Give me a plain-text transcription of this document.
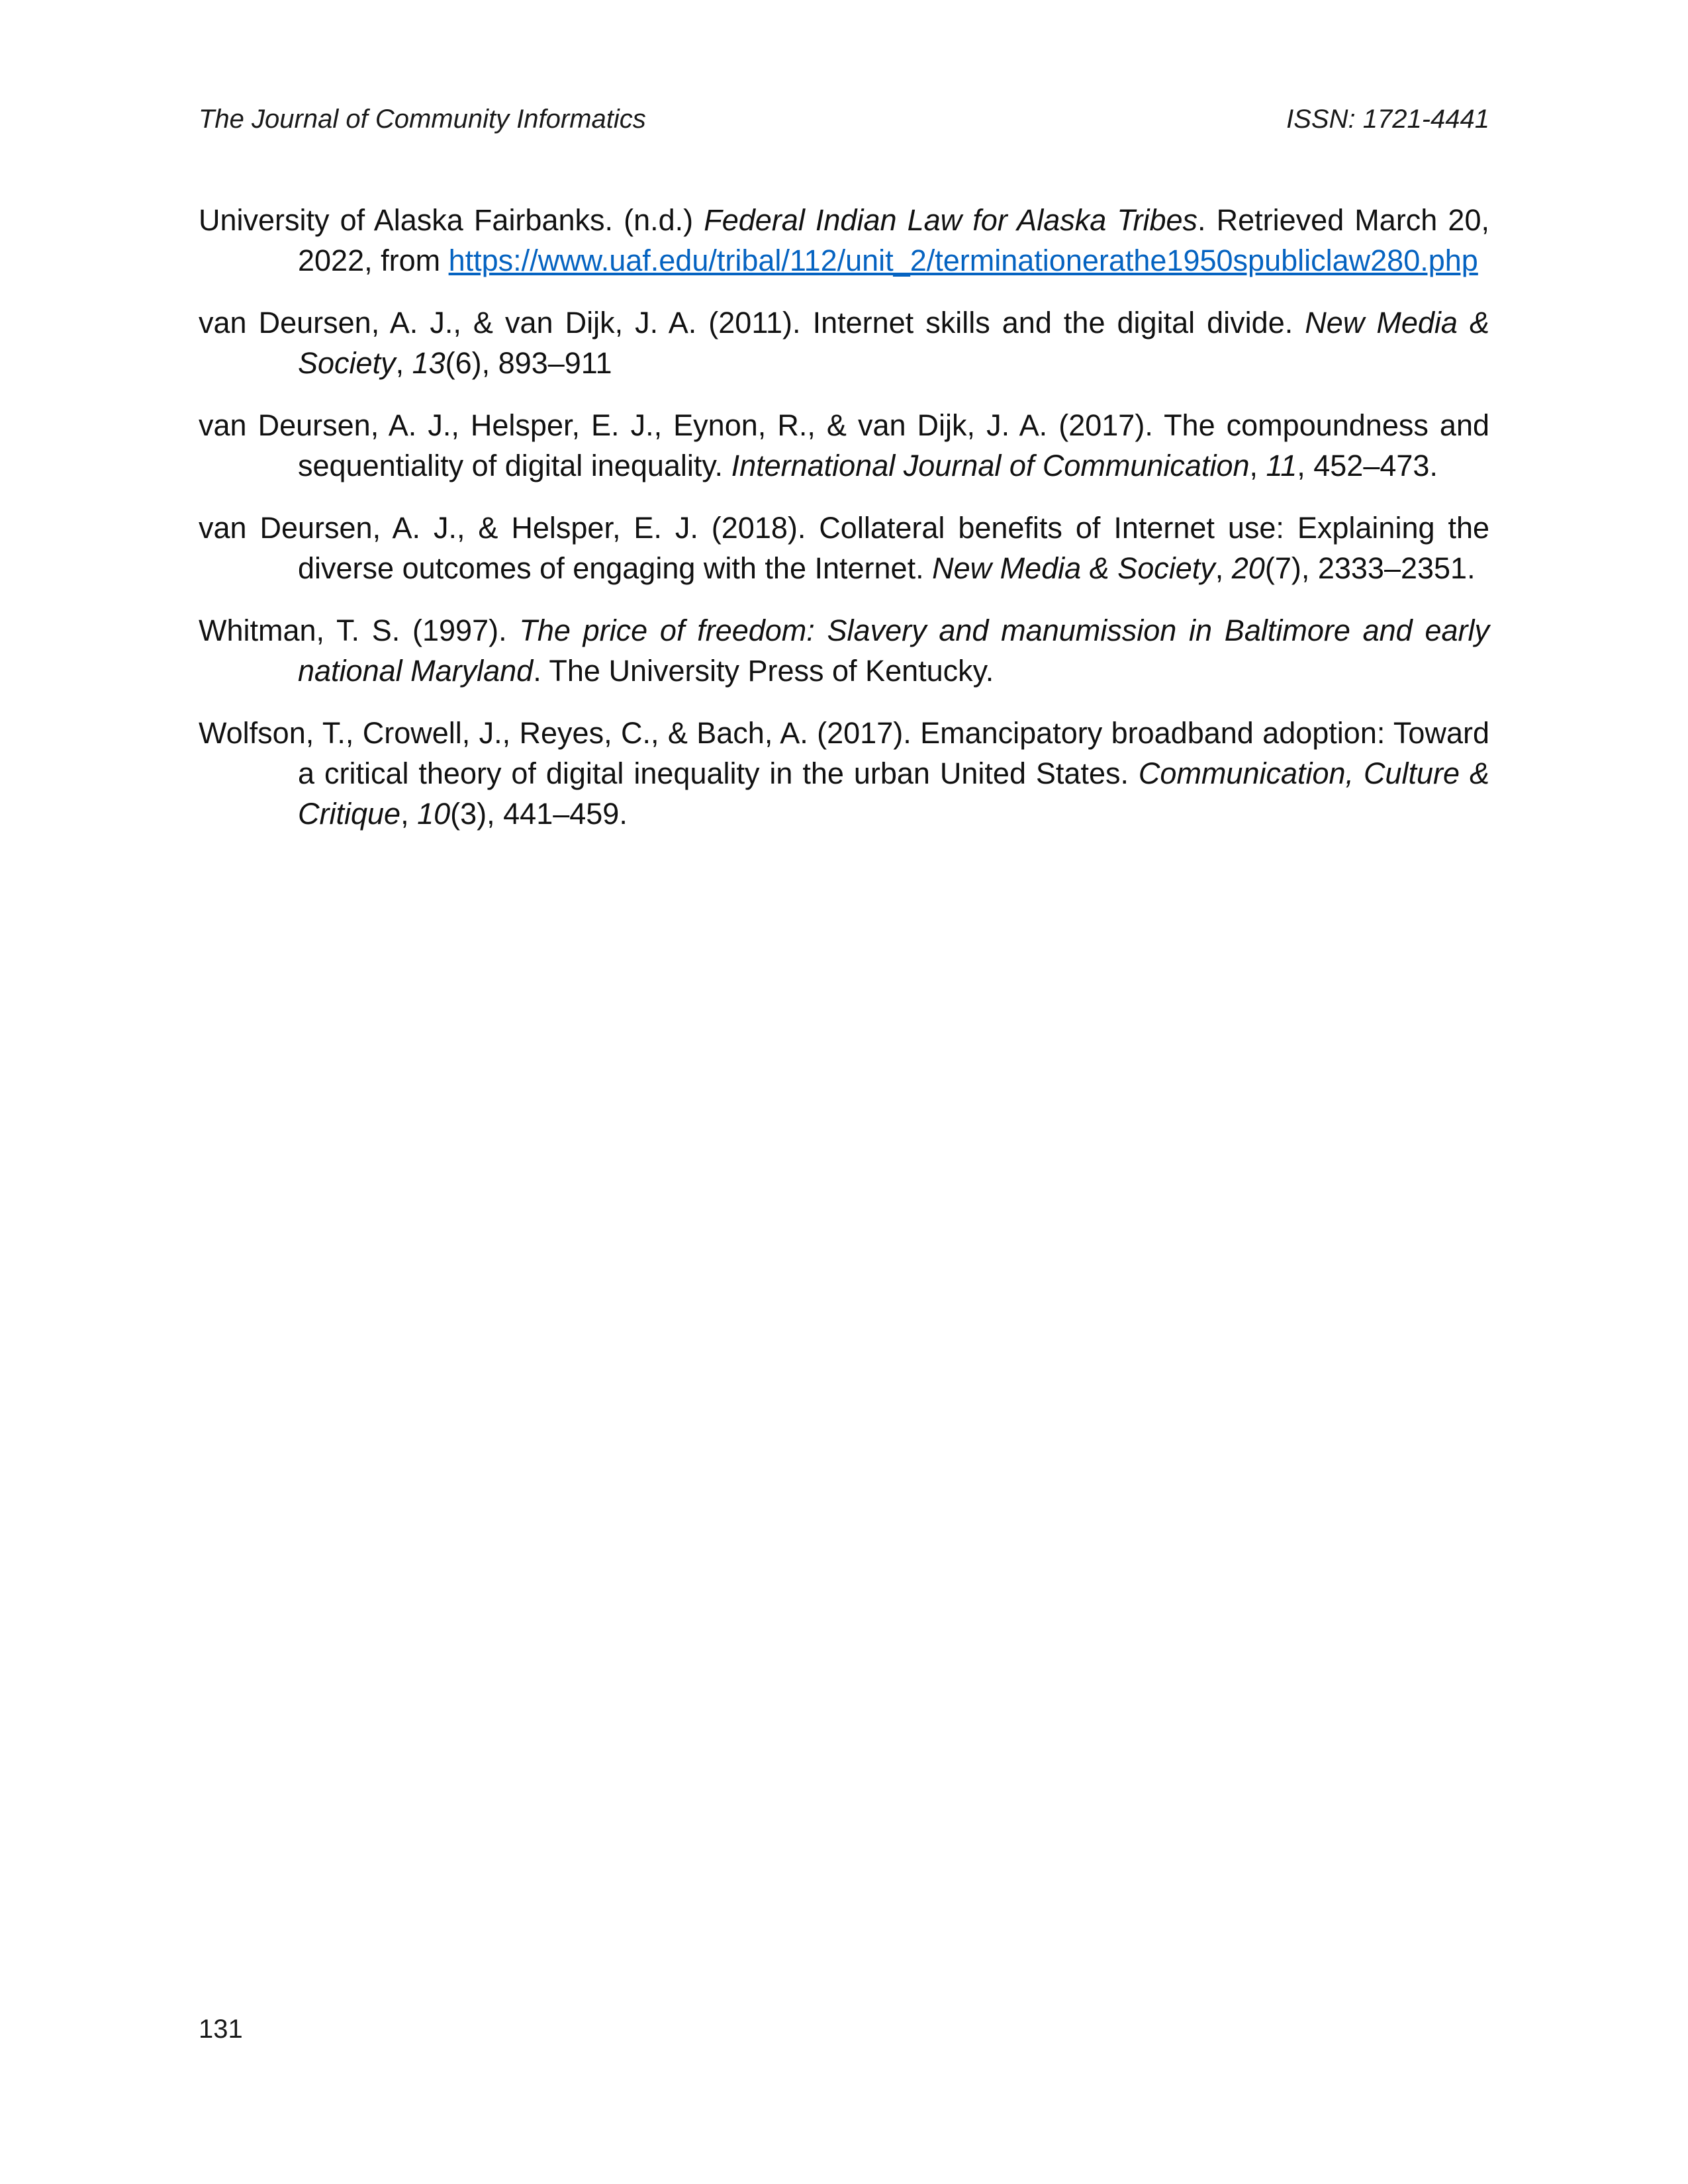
The Journal of Community Informatics	ISSN: 1721-4441

University of Alaska Fairbanks. (n.d.) Federal Indian Law for Alaska Tribes. Retrieved March 20, 2022, from https://www.uaf.edu/tribal/112/unit_2/terminationerathe1950spubliclaw280.php

van Deursen, A. J., & van Dijk, J. A. (2011). Internet skills and the digital divide. New Media & Society, 13(6), 893–911

van Deursen, A. J., Helsper, E. J., Eynon, R., & van Dijk, J. A. (2017). The compoundness and sequentiality of digital inequality. International Journal of Communication, 11, 452–473.

van Deursen, A. J., & Helsper, E. J. (2018). Collateral benefits of Internet use: Explaining the diverse outcomes of engaging with the Internet. New Media & Society, 20(7), 2333–2351.

Whitman, T. S. (1997). The price of freedom: Slavery and manumission in Baltimore and early national Maryland. The University Press of Kentucky.

Wolfson, T., Crowell, J., Reyes, C., & Bach, A. (2017). Emancipatory broadband adoption: Toward a critical theory of digital inequality in the urban United States. Communication, Culture & Critique, 10(3), 441–459.

131
